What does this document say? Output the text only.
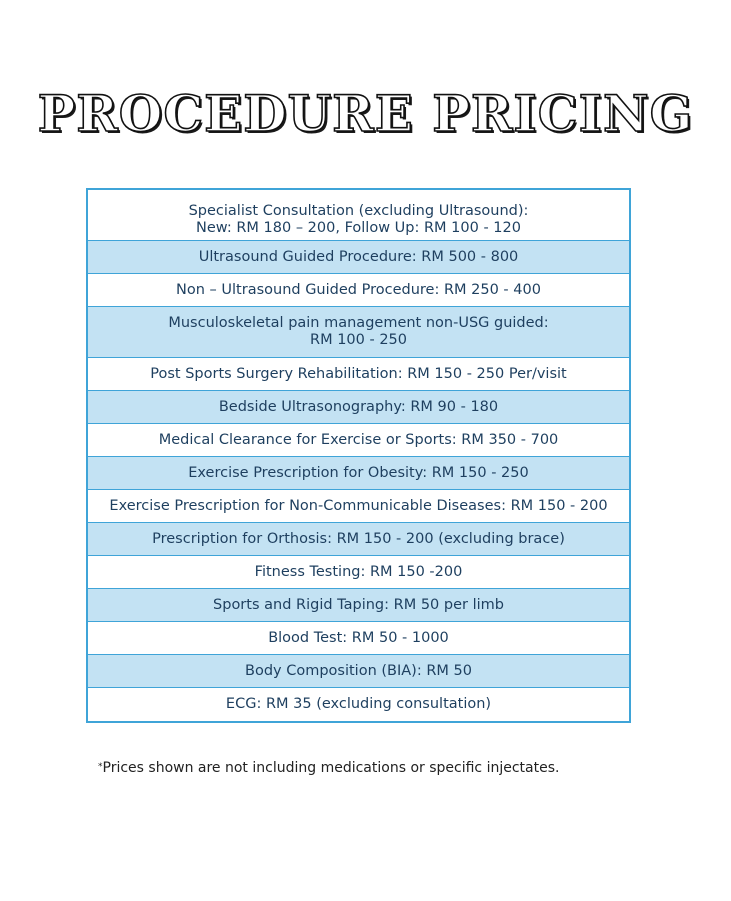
PROCEDURE PRICING
Specialist Consultation (excluding Ultrasound):
New: RM 180 – 200, Follow Up: RM 100 - 120
Ultrasound Guided Procedure: RM 500 - 800
Non – Ultrasound Guided Procedure: RM 250 - 400
Musculoskeletal pain management non-USG guided:
RM 100 - 250
Post Sports Surgery Rehabilitation: RM 150 - 250 Per/visit
Bedside Ultrasonography: RM 90 - 180
Medical Clearance for Exercise or Sports: RM 350 - 700
Exercise Prescription for Obesity: RM 150 - 250
Exercise Prescription for Non-Communicable Diseases: RM 150 - 200
Prescription for Orthosis: RM 150 - 200 (excluding brace)
Fitness Testing: RM 150 -200
Sports and Rigid Taping: RM 50 per limb
Blood Test: RM 50 - 1000
Body Composition (BIA): RM 50
ECG: RM 35 (excluding consultation)
*Prices shown are not including medications or specific injectates.
